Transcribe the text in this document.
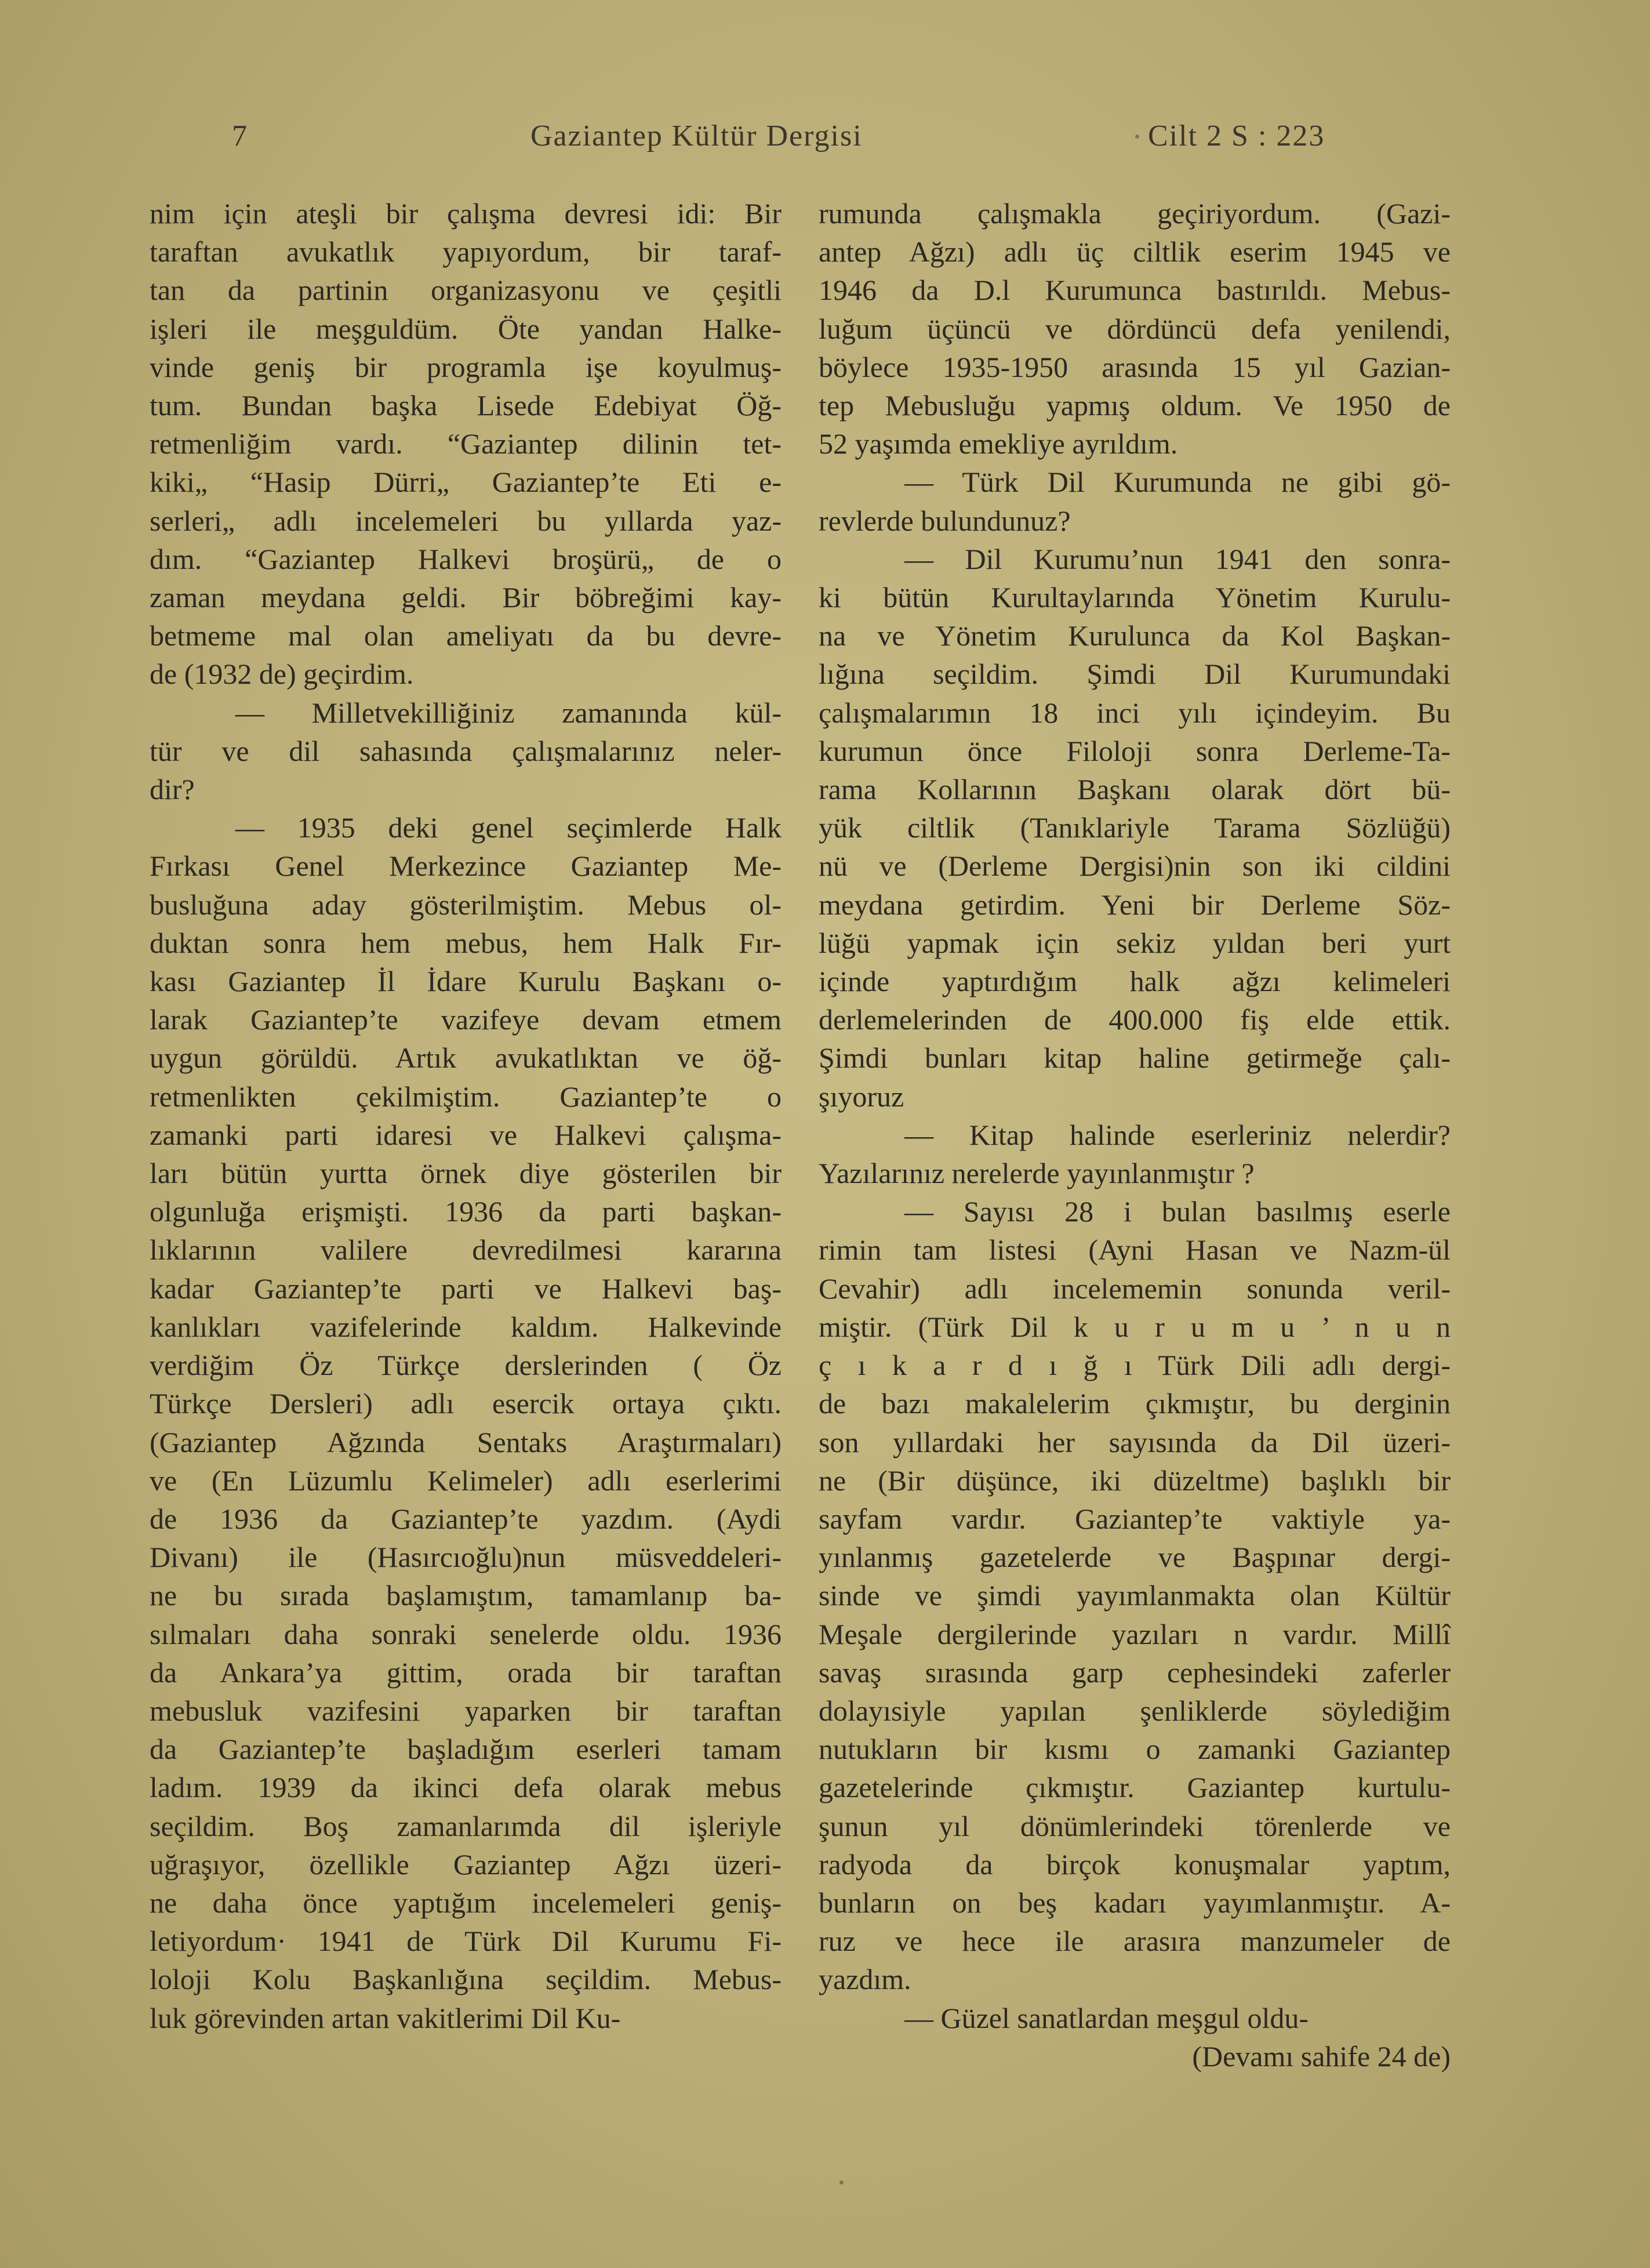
7	Gaziantep Kültür Dergisi	Cilt 2 S : 223
nim için ateşli bir çalışma devresi idi: Bir
taraftan avukatlık yapıyordum, bir taraf-
tan da partinin organizasyonu ve çeşitli
işleri ile meşguldüm. Öte yandan Halke-
vinde geniş bir programla işe koyulmuş-
tum. Bundan başka Lisede Edebiyat Öğ-
retmenliğim vardı. “Gaziantep dilinin tet-
kiki„ “Hasip Dürri„ Gaziantep’te Eti e-
serleri„ adlı incelemeleri bu yıllarda yaz-
dım. “Gaziantep Halkevi broşürü„ de o
zaman meydana geldi. Bir böbreğimi kay-
betmeme mal olan ameliyatı da bu devre-
de (1932 de) geçirdim.
— Milletvekilliğiniz zamanında kül-
tür ve dil sahasında çalışmalarınız neler-
dir?
— 1935 deki genel seçimlerde Halk
Fırkası Genel Merkezince Gaziantep Me-
busluğuna aday gösterilmiştim. Mebus ol-
duktan sonra hem mebus, hem Halk Fır-
kası Gaziantep İl İdare Kurulu Başkanı o-
larak Gaziantep’te vazifeye devam etmem
uygun görüldü. Artık avukatlıktan ve öğ-
retmenlikten çekilmiştim. Gaziantep’te o
zamanki parti idaresi ve Halkevi çalışma-
ları bütün yurtta örnek diye gösterilen bir
olgunluğa erişmişti. 1936 da parti başkan-
lıklarının valilere devredilmesi kararına
kadar Gaziantep’te parti ve Halkevi baş-
kanlıkları vazifelerinde kaldım. Halkevinde
verdiğim Öz Türkçe derslerinden ( Öz
Türkçe Dersleri) adlı esercik ortaya çıktı.
(Gaziantep Ağzında Sentaks Araştırmaları)
ve (En Lüzumlu Kelimeler) adlı eserlerimi
de 1936 da Gaziantep’te yazdım. (Aydi
Divanı) ile (Hasırcıoğlu)nun müsveddeleri-
ne bu sırada başlamıştım, tamamlanıp ba-
sılmaları daha sonraki senelerde oldu. 1936
da Ankara’ya gittim, orada bir taraftan
mebusluk vazifesini yaparken bir taraftan
da Gaziantep’te başladığım eserleri tamam
ladım. 1939 da ikinci defa olarak mebus
seçildim. Boş zamanlarımda dil işleriyle
uğraşıyor, özellikle Gaziantep Ağzı üzeri-
ne daha önce yaptığım incelemeleri geniş-
letiyordum· 1941 de Türk Dil Kurumu Fi-
loloji Kolu Başkanlığına seçildim. Mebus-
luk görevinden artan vakitlerimi Dil Ku-
rumunda çalışmakla geçiriyordum. (Gazi-
antep Ağzı) adlı üç ciltlik eserim 1945 ve
1946 da D.l Kurumunca bastırıldı. Mebus-
luğum üçüncü ve dördüncü defa yenilendi,
böylece 1935-1950 arasında 15 yıl Gazian-
tep Mebusluğu yapmış oldum. Ve 1950 de
52 yaşımda emekliye ayrıldım.
— Türk Dil Kurumunda ne gibi gö-
revlerde bulundunuz?
— Dil Kurumu’nun 1941 den sonra-
ki bütün Kurultaylarında Yönetim Kurulu-
na ve Yönetim Kurulunca da Kol Başkan-
lığına seçildim. Şimdi Dil Kurumundaki
çalışmalarımın 18 inci yılı içindeyim. Bu
kurumun önce Filoloji sonra Derleme-Ta-
rama Kollarının Başkanı olarak dört bü-
yük ciltlik (Tanıklariyle Tarama Sözlüğü)
nü ve (Derleme Dergisi)nin son iki cildini
meydana getirdim. Yeni bir Derleme Söz-
lüğü yapmak için sekiz yıldan beri yurt
içinde yaptırdığım halk ağzı kelimeleri
derlemelerinden de 400.000 fiş elde ettik.
Şimdi bunları kitap haline getirmeğe çalı-
şıyoruz
— Kitap halinde eserleriniz nelerdir?
Yazılarınız nerelerde yayınlanmıştır ?
— Sayısı 28 i bulan basılmış eserle
rimin tam listesi (Ayni Hasan ve Nazm-ül
Cevahir) adlı incelememin sonunda veril-
miştir. (Türk Dil k u r u m u ’ n u n
ç ı k a r d ı ğ ı Türk Dili adlı dergi-
de bazı makalelerim çıkmıştır, bu derginin
son yıllardaki her sayısında da Dil üzeri-
ne (Bir düşünce, iki düzeltme) başlıklı bir
sayfam vardır. Gaziantep’te vaktiyle ya-
yınlanmış gazetelerde ve Başpınar dergi-
sinde ve şimdi yayımlanmakta olan Kültür
Meşale dergilerinde yazıları n vardır. Millî
savaş sırasında garp cephesindeki zaferler
dolayısiyle yapılan şenliklerde söylediğim
nutukların bir kısmı o zamanki Gaziantep
gazetelerinde çıkmıştır. Gaziantep kurtulu-
şunun yıl dönümlerindeki törenlerde ve
radyoda da birçok konuşmalar yaptım,
bunların on beş kadarı yayımlanmıştır. A-
ruz ve hece ile arasıra manzumeler de
yazdım.
— Güzel sanatlardan meşgul oldu-
(Devamı sahife 24 de)
